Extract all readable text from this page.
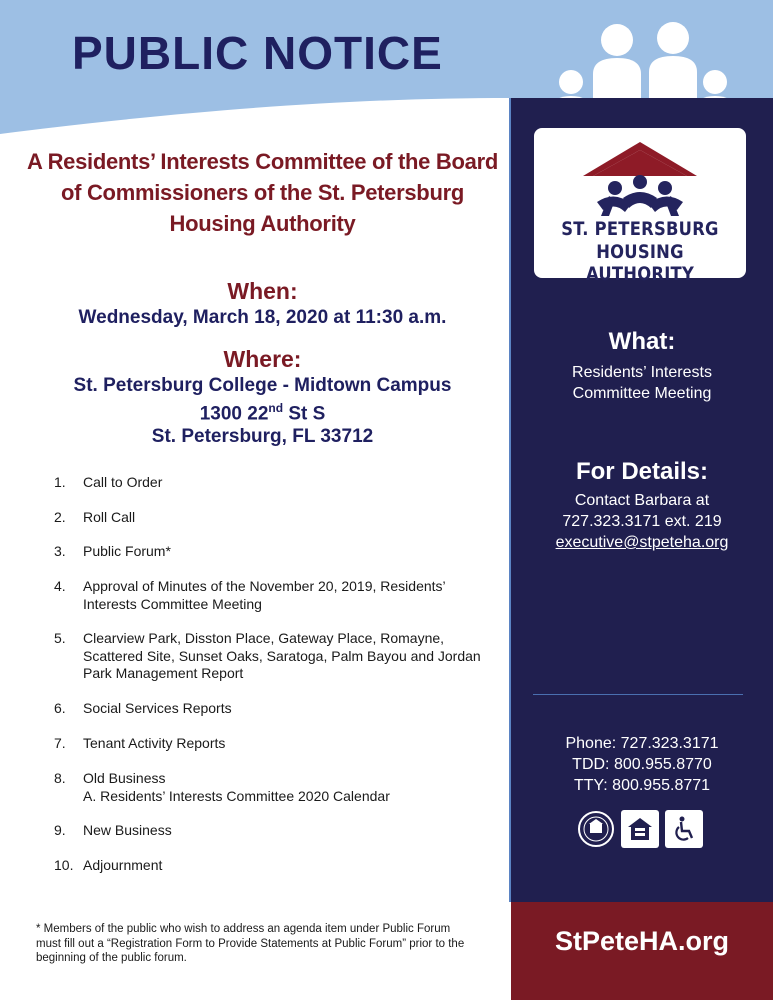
PUBLIC NOTICE
ST. PETERSBURG
HOUSING AUTHORITY
What:
Residents’ Interests
Committee Meeting
For Details:
Contact Barbara at
727.323.3171 ext. 219
executive@stpeteha.org
Phone: 727.323.3171
TDD: 800.955.8770
TTY: 800.955.8771
StPeteHA.org
A Residents’ Interests Committee of the Board of Commissioners of the St. Petersburg Housing Authority
When:
Wednesday, March 18, 2020 at 11:30 a.m.
Where:
St. Petersburg College - Midtown Campus
1300 22nd St S
St. Petersburg, FL 33712
1.	Call to Order
2.	Roll Call
3.	Public Forum*
4.	Approval of Minutes of the November 20, 2019, Residents’ Interests Committee Meeting
5.	Clearview Park, Disston Place, Gateway Place, Romayne, Scattered Site, Sunset Oaks, Saratoga, Palm Bayou and Jordan Park Management Report
6.	Social Services Reports
7.	Tenant Activity Reports
8.	Old Business
A. Residents’ Interests Committee 2020 Calendar
9.	New Business
10. Adjournment
* Members of the public who wish to address an agenda item under Public Forum must fill out a “Registration Form to Provide Statements at Public Forum” prior to the beginning of the public forum.
